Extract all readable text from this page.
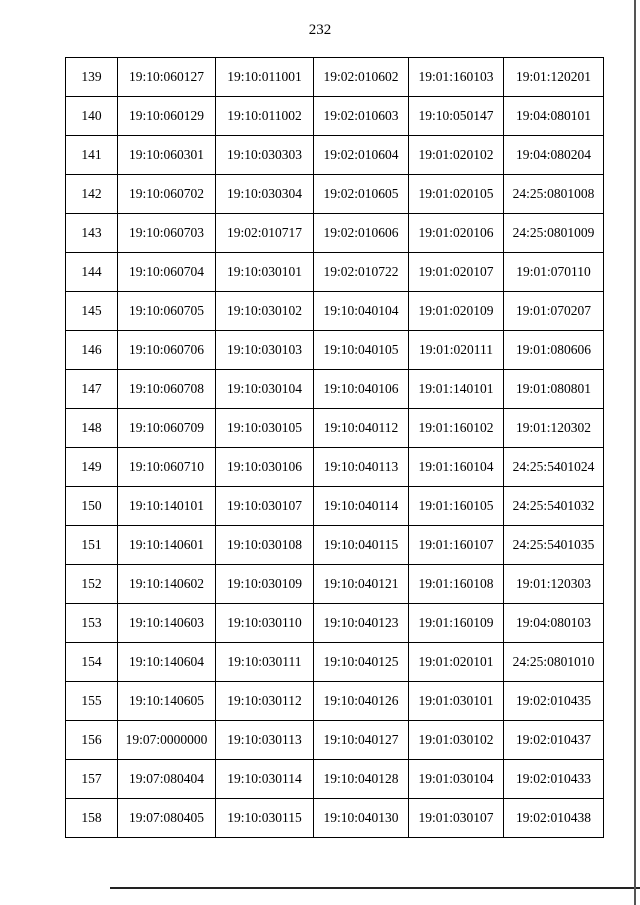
232
139	19:10:060127	19:10:011001	19:02:010602	19:01:160103	19:01:120201
140	19:10:060129	19:10:011002	19:02:010603	19:10:050147	19:04:080101
141	19:10:060301	19:10:030303	19:02:010604	19:01:020102	19:04:080204
142	19:10:060702	19:10:030304	19:02:010605	19:01:020105	24:25:0801008
143	19:10:060703	19:02:010717	19:02:010606	19:01:020106	24:25:0801009
144	19:10:060704	19:10:030101	19:02:010722	19:01:020107	19:01:070110
145	19:10:060705	19:10:030102	19:10:040104	19:01:020109	19:01:070207
146	19:10:060706	19:10:030103	19:10:040105	19:01:020111	19:01:080606
147	19:10:060708	19:10:030104	19:10:040106	19:01:140101	19:01:080801
148	19:10:060709	19:10:030105	19:10:040112	19:01:160102	19:01:120302
149	19:10:060710	19:10:030106	19:10:040113	19:01:160104	24:25:5401024
150	19:10:140101	19:10:030107	19:10:040114	19:01:160105	24:25:5401032
151	19:10:140601	19:10:030108	19:10:040115	19:01:160107	24:25:5401035
152	19:10:140602	19:10:030109	19:10:040121	19:01:160108	19:01:120303
153	19:10:140603	19:10:030110	19:10:040123	19:01:160109	19:04:080103
154	19:10:140604	19:10:030111	19:10:040125	19:01:020101	24:25:0801010
155	19:10:140605	19:10:030112	19:10:040126	19:01:030101	19:02:010435
156	19:07:0000000	19:10:030113	19:10:040127	19:01:030102	19:02:010437
157	19:07:080404	19:10:030114	19:10:040128	19:01:030104	19:02:010433
158	19:07:080405	19:10:030115	19:10:040130	19:01:030107	19:02:010438
